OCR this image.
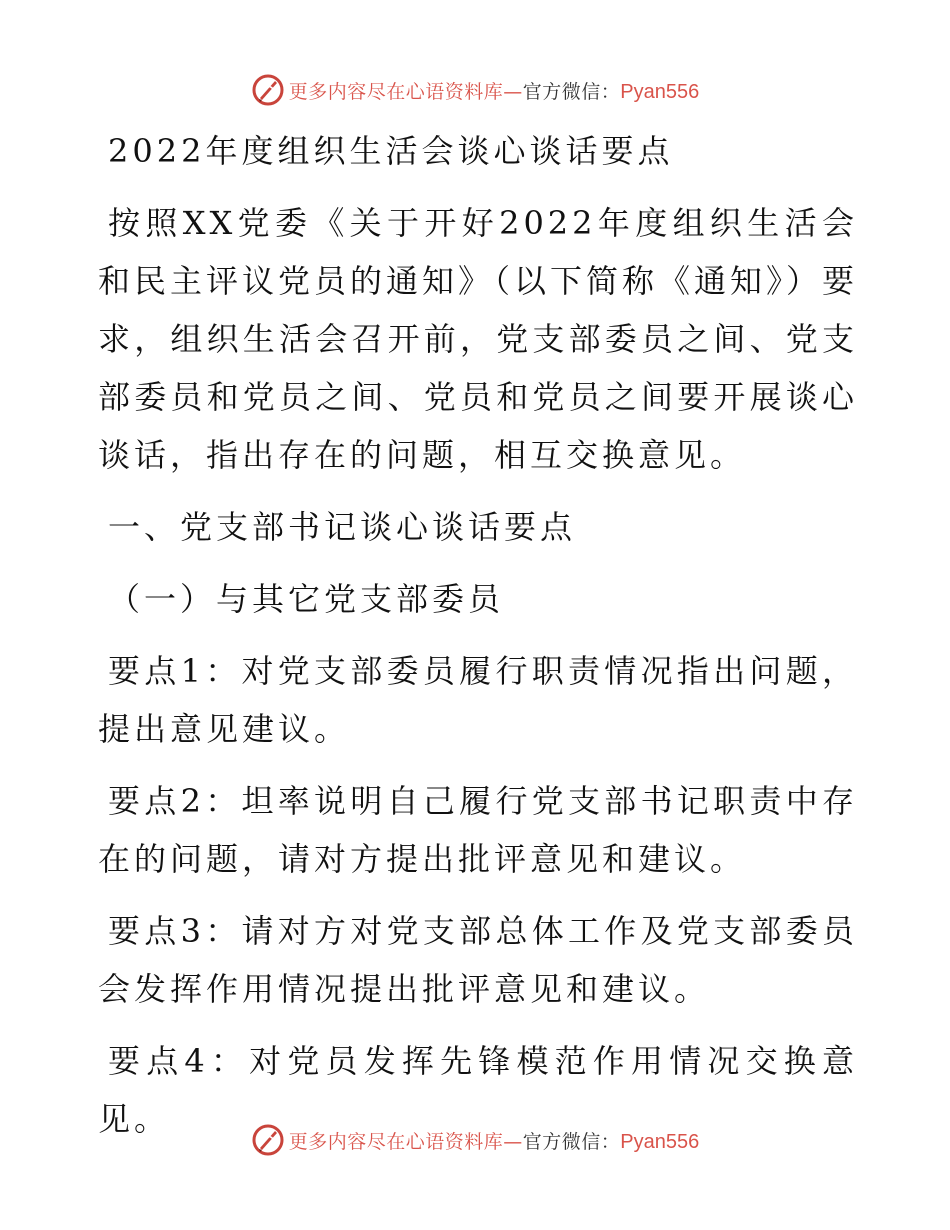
更多内容尽在心语资料库—官方微信：Pyan556

2022年度组织生活会谈心谈话要点

按照XX党委《关于开好2022年度组织生活会和民主评议党员的通知》（以下简称《通知》）要求，组织生活会召开前，党支部委员之间、党支部委员和党员之间、党员和党员之间要开展谈心谈话，指出存在的问题，相互交换意见。

一、党支部书记谈心谈话要点

（一）与其它党支部委员

要点1：对党支部委员履行职责情况指出问题，提出意见建议。

要点2：坦率说明自己履行党支部书记职责中存在的问题，请对方提出批评意见和建议。

要点3：请对方对党支部总体工作及党支部委员会发挥作用情况提出批评意见和建议。

要点4：对党员发挥先锋模范作用情况交换意见。

更多内容尽在心语资料库—官方微信：Pyan556
